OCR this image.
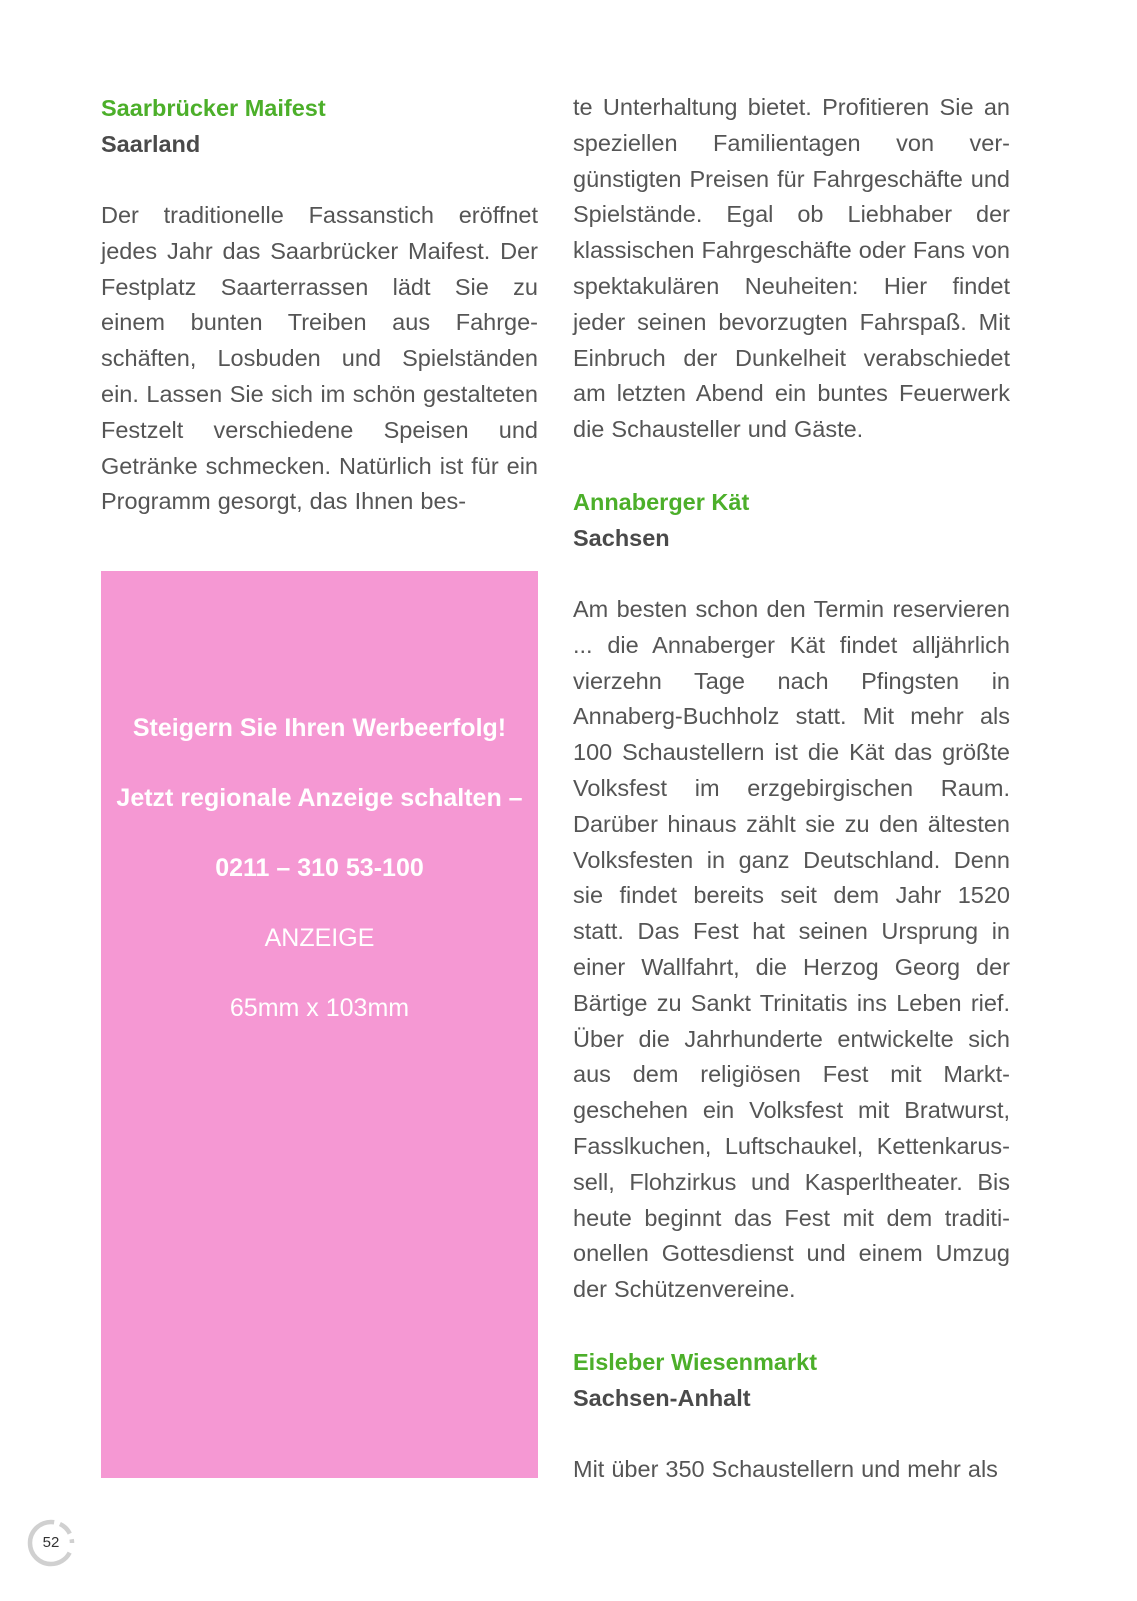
Saarbrücker Maifest
Saarland

Der traditionelle Fassanstich eröffnet jedes Jahr das Saarbrücker Maifest. Der Festplatz Saarterrassen lädt Sie zu einem bunten Treiben aus Fahrgeschäften, Losbuden und Spielständen ein. Lassen Sie sich im schön gestalteten Festzelt verschiedene Speisen und Getränke schmecken. Natürlich ist für ein Programm gesorgt, das Ihnen bes-

Steigern Sie Ihren Werbeerfolg!

Jetzt regionale Anzeige schalten –

0211 – 310 53-100

ANZEIGE

65mm x 103mm

te Unterhaltung bietet. Profitieren Sie an speziellen Familientagen von vergünstigten Preisen für Fahrgeschäfte und Spielstände. Egal ob Liebhaber der klassischen Fahrgeschäfte oder Fans von spektakulären Neuheiten: Hier findet jeder seinen bevorzugten Fahrspaß. Mit Einbruch der Dunkelheit verabschiedet am letzten Abend ein buntes Feuerwerk die Schausteller und Gäste.

Annaberger Kät
Sachsen

Am besten schon den Termin reservieren ... die Annaberger Kät findet alljährlich vierzehn Tage nach Pfingsten in Annaberg-Buchholz statt. Mit mehr als 100 Schaustellern ist die Kät das größte Volksfest im erzgebirgischen Raum. Darüber hinaus zählt sie zu den ältesten Volksfesten in ganz Deutschland. Denn sie findet bereits seit dem Jahr 1520 statt. Das Fest hat seinen Ursprung in einer Wallfahrt, die Herzog Georg der Bärtige zu Sankt Trinitatis ins Leben rief. Über die Jahrhunderte entwickelte sich aus dem religiösen Fest mit Marktgeschehen ein Volksfest mit Bratwurst, Fasslkuchen, Luftschaukel, Kettenkarussell, Flohzirkus und Kasperltheater. Bis heute beginnt das Fest mit dem traditionellen Gottesdienst und einem Umzug der Schützenvereine.

Eisleber Wiesenmarkt
Sachsen-Anhalt

Mit über 350 Schaustellern und mehr als

52
